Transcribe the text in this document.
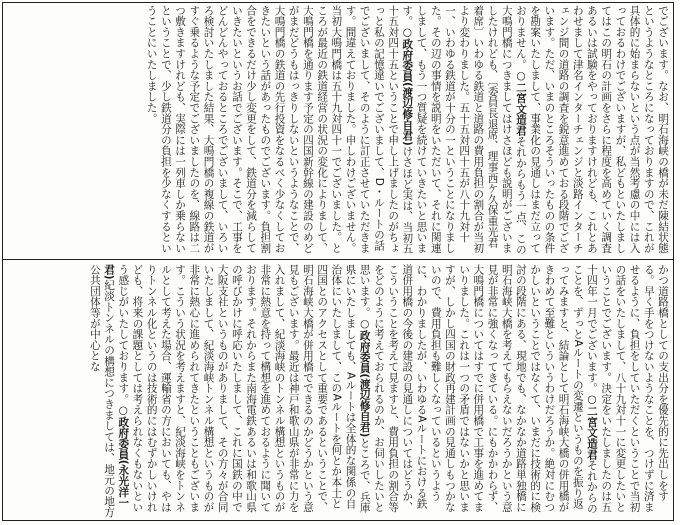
でございます。なお、明石海峡の橋が未だ陳結状態というようなところになっておりますので、これが具体的に始まらないという点が当然考慮の中には入っておるわけでございますが、私どもといたしましてはこの明石の計画をさらに程度を高めていく調査あるいは試験をやっておりますけれども、これとあわせまして津名インターチェンジと淡路インターチェンジ間の道路の調査を鋭意進めておる段階でございます。ただ、いまのところそういったものの条件を勘案いたしまして、事業化の見通しはまだ立っておりません。○二宮文造君それからもう一点、この大鳴門橋につきましてはけさほども説明がございましたけれども、〔委員長退席、理事西ケ久保重光君着席〕いわゆる鉄道と道路の費用負担の割合が当初より変わりました。五十五対四十五が八十九対十一、いわゆる鉄道が十分の一ということになりました。その辺の事情を説明をいただいて、それに関連しまして、もう一つ質疑を続けていきたいと思います。○政府委員(渡辺修自君)けさほど実は、当初五十五対四十五ということで申し上げましたのがちょっと私の記憶違いでございまして、D・ルートの話でございまして、そのように訂正させていただきます。間違えておりました。申しわけございません。当初大鳴門橋は五十九対四十一でございました。ところが最近の鉄道経営の状況の変化によりまして、大鳴門橋を通ります予定の四国新幹線の建設のめどがまだどうもはっきりしないというようなことで、大鳴門橋の鉄道の先行投資をなるべく少なくしておきたいという話があったものでございます。負担割合をできるだけ少し変更をして、鉄道分を減らしていきたいというお話でございます。そこで、工事をどんどんやっておるところでございまして、いろいろ検討いたしました結果、大鳴門橋の複線の鉄道がすぐ乗るような予定でございましたのを、線路は二つ敷きますけれども、実際には一列車しか乗らないということで、少し鉄道分の負担を少なくするということにいたしました。
かつ道路橋としての支出分を優先的に先出しをする。早く手をつけないようなことを、つけずに済ませるように、負担をしていただくということで当初の話をいたしまして、八十九対十一に変更したいということでございます。決定をいたしましたのは五十四年一月でございます。○二宮文造君それからのことを、ずっとAルートの変遷というものを振り返ってみますと、結論として明石海峡大橋の併用橋がきわめて至難といういうわけだろうか。絶対にむつかしいということではなくて、いまだに技術的に検討の段階にある、現地でも、なかなか道路単独橋に明石海峡大橋を考えてもらえないだろうかという意見が非常に強くなってきている。にもかかわらず、大鳴門橋についてはすでに併用橋で工事を進めてまいりました。これは一つの矛盾ではないかと思いますが、しかし四国の財政再建計画の見通しもつかないので、費用負担も難しくなっているというように、わかりましたが、いわゆるAルートにおける鉄道併用橋の今後の建設の見通しについてはどうか、こういうことを考えて見ますと、費用負担の割合等をどのように考えておられるのか、お伺いしたいと思います。○政府委員(渡辺修自君)ところで、兵庫県にいたしましても、Aルートは全体的な関係の自治体にいたしまして、このAルートを何とか本土と四国とのアクセスとして重要であるということで、明石海峡大橋が併用橋でできるのかどうかという意見もございます。最近は神戸和歌山県が非常に力を入れまして、紀淡海峡のトンネル構想というものが非常に熱意を持って構想を進めておるように聞いております。それからまた南海電鉄あるいは和歌山県の呼びかけに呼応いたしまして、これに国鉄の中で大阪支社というものがありまして、その方々が合同いたしまして、紀淡海峡トンネル構想というものが非常に熱心に進められてきたということもございます。こういう状況を考えますと、紀淡海峡をトンネルとして考えた場合、運輸省の方においても、やはりトンネル化というのは技術的にはむずかしいけれども、将来の課題としては考えられなくもないという感じがいたしております。○政府委員(永光洋一君)紀淡トンネルの構想につきましては、地元の地方公共団体等が中心とな
